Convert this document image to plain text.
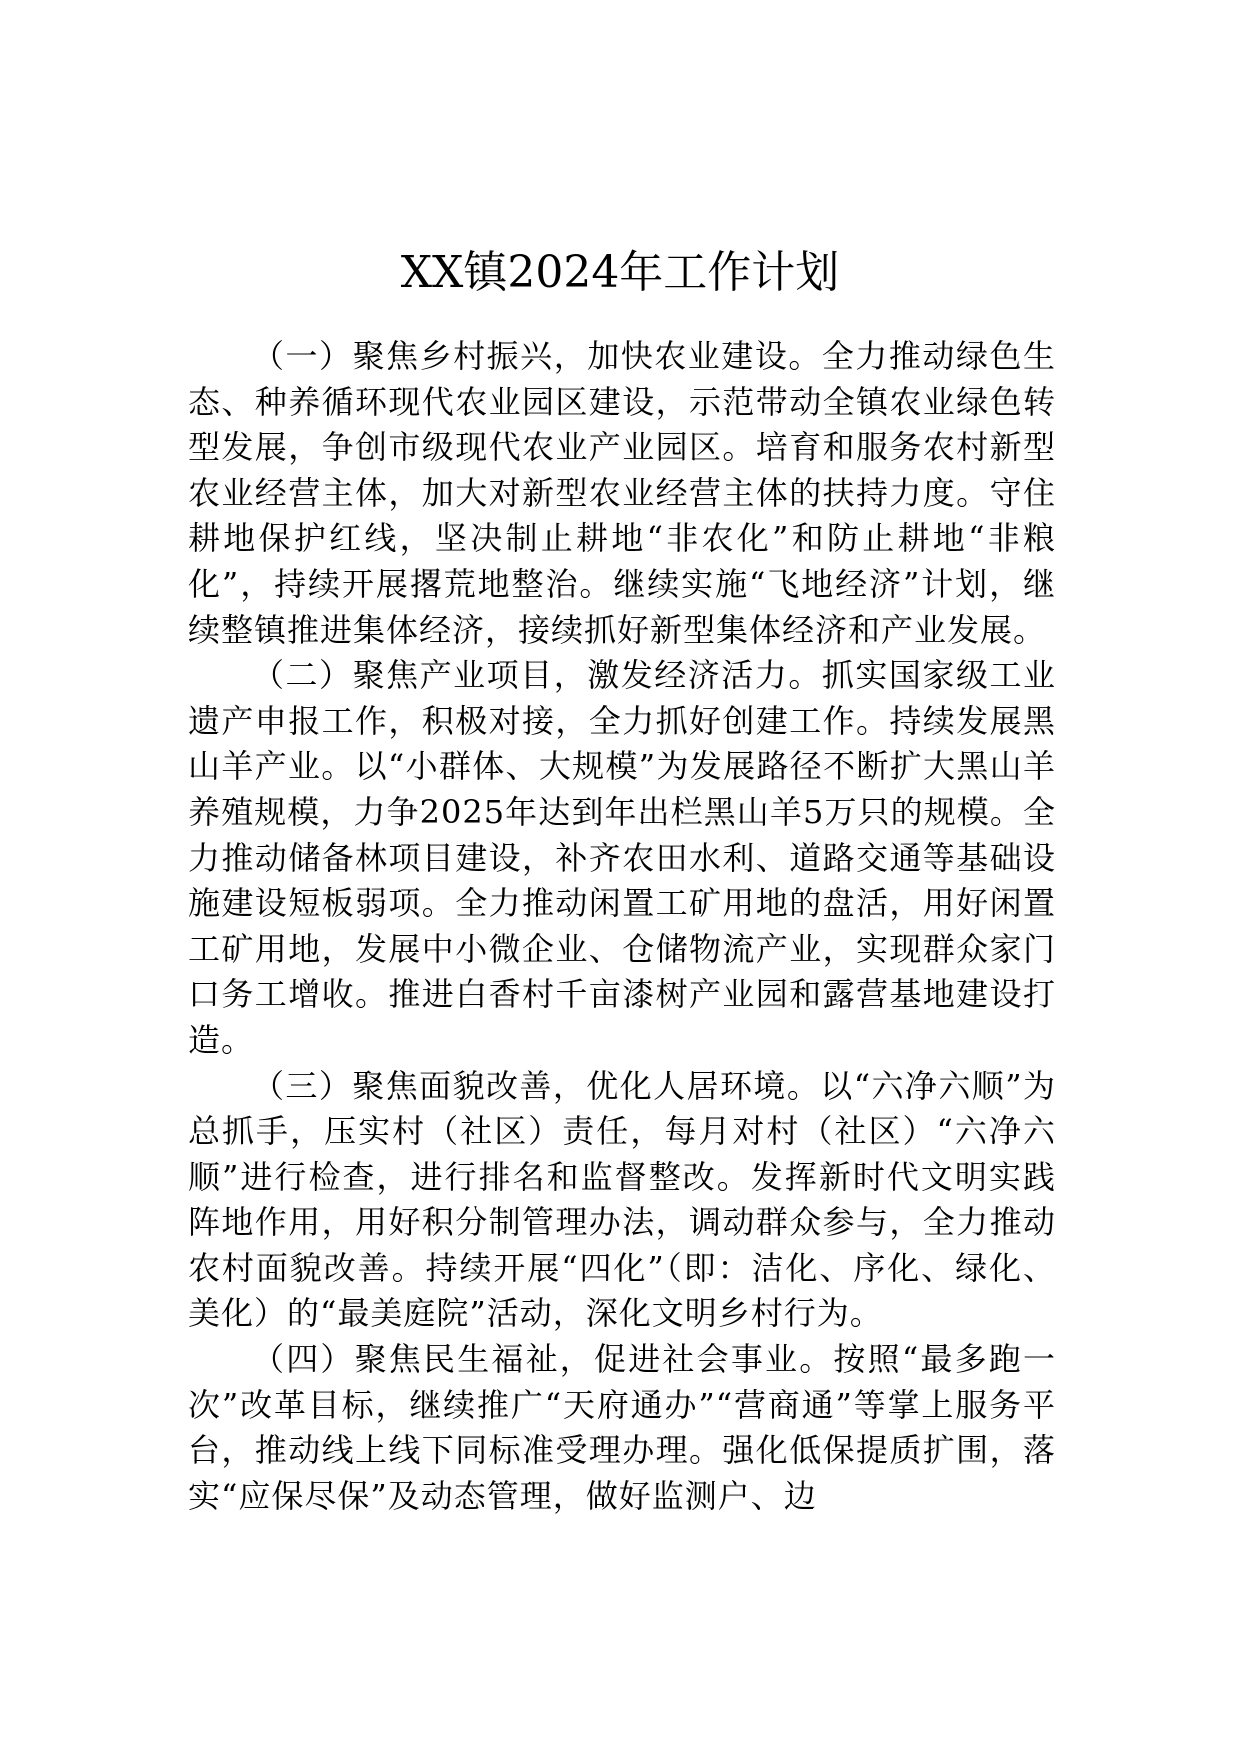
XX镇2024年工作计划

（一）聚焦乡村振兴，加快农业建设。全力推动绿色生态、种养循环现代农业园区建设，示范带动全镇农业绿色转型发展，争创市级现代农业产业园区。培育和服务农村新型农业经营主体，加大对新型农业经营主体的扶持力度。守住耕地保护红线，坚决制止耕地“非农化”和防止耕地“非粮化”，持续开展撂荒地整治。继续实施“飞地经济”计划，继续整镇推进集体经济，接续抓好新型集体经济和产业发展。

（二）聚焦产业项目，激发经济活力。抓实国家级工业遗产申报工作，积极对接，全力抓好创建工作。持续发展黑山羊产业。以“小群体、大规模”为发展路径不断扩大黑山羊养殖规模，力争2025年达到年出栏黑山羊5万只的规模。全力推动储备林项目建设，补齐农田水利、道路交通等基础设施建设短板弱项。全力推动闲置工矿用地的盘活，用好闲置工矿用地，发展中小微企业、仓储物流产业，实现群众家门口务工增收。推进白香村千亩漆树产业园和露营基地建设打造。

（三）聚焦面貌改善，优化人居环境。以“六净六顺”为总抓手，压实村（社区）责任，每月对村（社区）“六净六顺”进行检查，进行排名和监督整改。发挥新时代文明实践阵地作用，用好积分制管理办法，调动群众参与，全力推动农村面貌改善。持续开展“四化”（即：洁化、序化、绿化、美化）的“最美庭院”活动，深化文明乡村行为。

（四）聚焦民生福祉，促进社会事业。按照“最多跑一次”改革目标，继续推广“天府通办”“营商通”等掌上服务平台，推动线上线下同标准受理办理。强化低保提质扩围，落实“应保尽保”及动态管理，做好监测户、边
